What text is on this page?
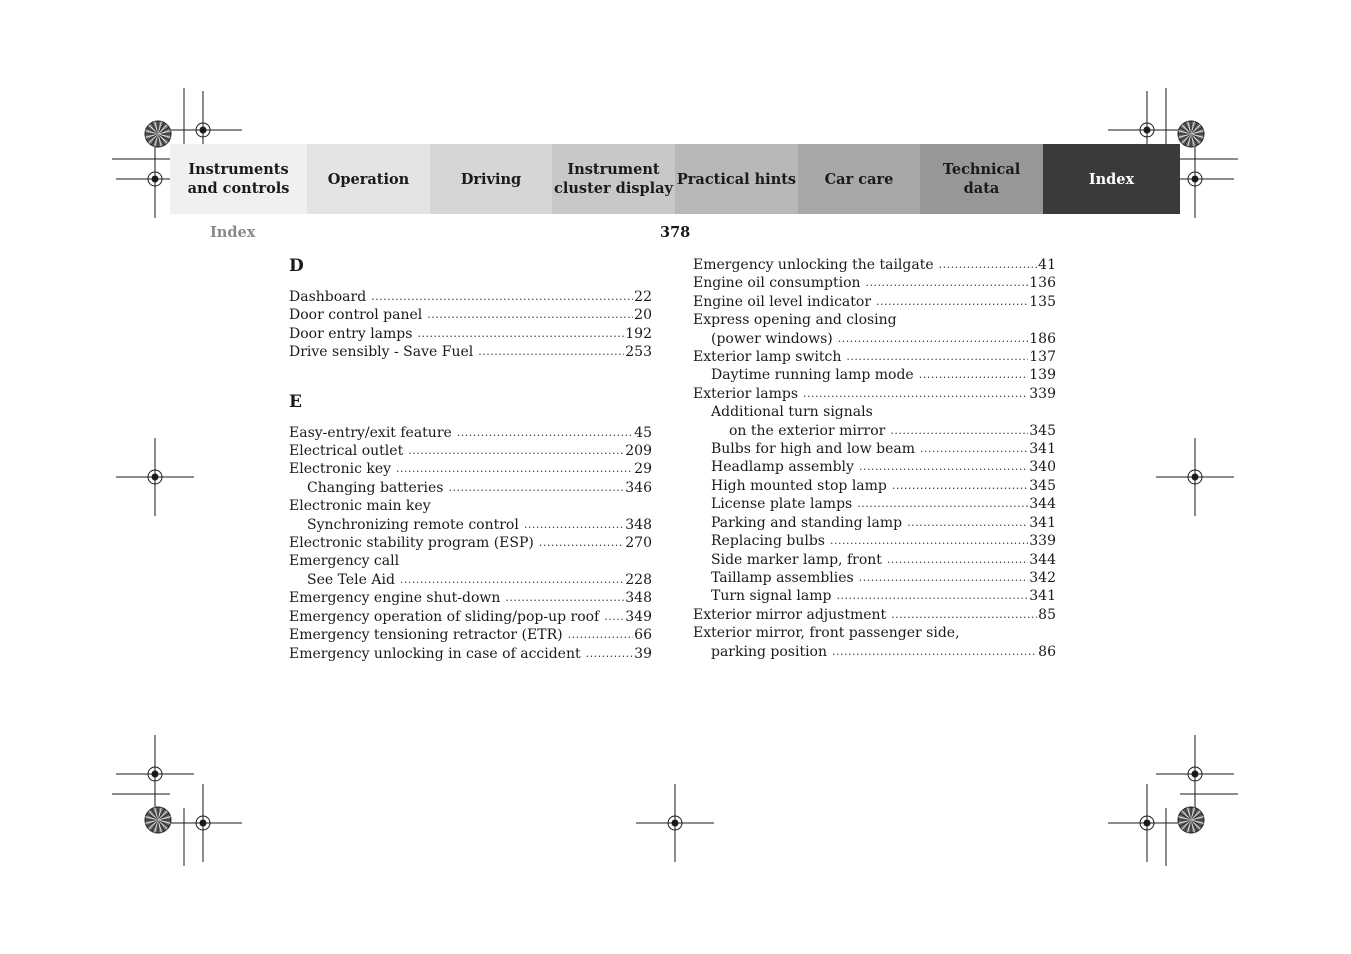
Instruments
and controls
Operation	Driving
Instrument
cluster display
Practical hints	Car care
Technical
data
Index
Index	378
D
Dashboard .....	22
Door control panel .....	20
Door entry lamps .....	192
Drive sensibly - Save Fuel .....	253
E
Easy-entry/exit feature .....	45
Electrical outlet .....	209
Electronic key .....	29
Changing batteries .....	346
Electronic main key
Synchronizing remote control .....	348
Electronic stability program (ESP) .....	270
Emergency call
See Tele Aid .....	228
Emergency engine shut-down .....	348
Emergency operation of sliding/pop-up roof ..... 349
Emergency tensioning retractor (ETR) .....	66
Emergency unlocking in case of accident .....	39
Emergency unlocking the tailgate .....	41
Engine oil consumption .....	136
Engine oil level indicator .....	135
Express opening and closing
(power windows) .....	186
Exterior lamp switch .....	137
Daytime running lamp mode .....	139
Exterior lamps .....	339
Additional turn signals
on the exterior mirror .....	345
Bulbs for high and low beam .....	341
Headlamp assembly .....	340
High mounted stop lamp .....	345
License plate lamps .....	344
Parking and standing lamp .....	341
Replacing bulbs .....	339
Side marker lamp, front .....	344
Taillamp assemblies .....	342
Turn signal lamp .....	341
Exterior mirror adjustment .....	85
Exterior mirror, front passenger side,
parking position .....	86
